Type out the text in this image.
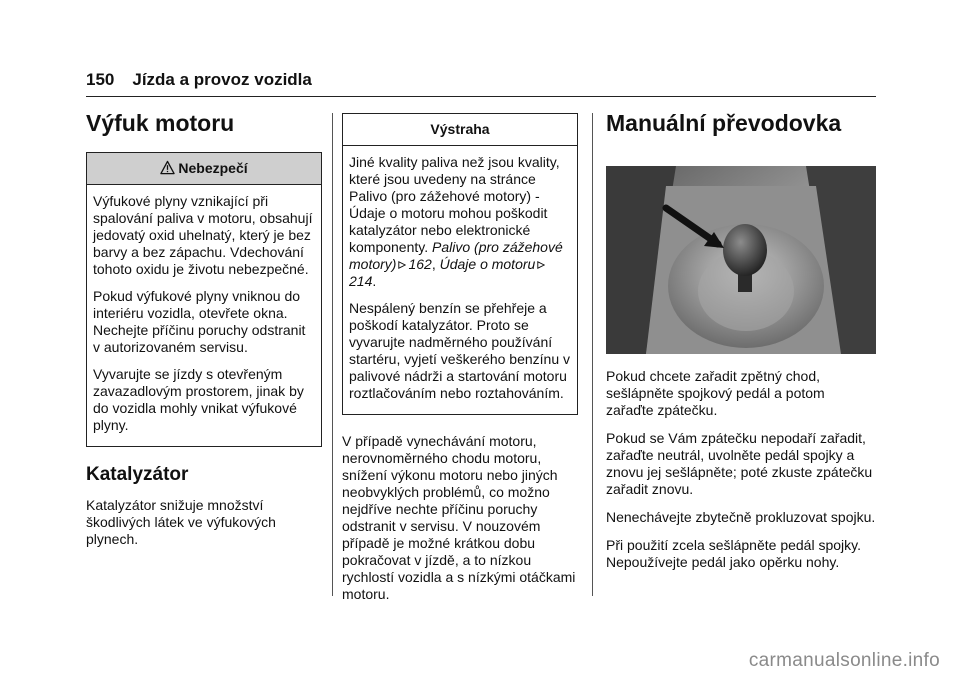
150 Jízda a provoz vozidla
Výfuk motoru
Nebezpečí

Výfukové plyny vznikající při spalování paliva v motoru, obsahují jedovatý oxid uhelnatý, který je bez barvy a bez zápachu. Vdechování tohoto oxidu je životu nebezpečné.

Pokud výfukové plyny vniknou do interiéru vozidla, otevřete okna. Nechejte příčinu poruchy odstranit v autorizovaném servisu.

Vyvarujte se jízdy s otevřeným zavazadlovým prostorem, jinak by do vozidla mohly vnikat výfukové plyny.

Katalyzátor

Katalyzátor snižuje množství škodlivých látek ve výfukových plynech.

Výstraha

Jiné kvality paliva než jsou kvality, které jsou uvedeny na stránce Palivo (pro zážehové motory) - Údaje o motoru mohou poškodit katalyzátor nebo elektronické komponenty. Palivo (pro zážehové motory) 162, Údaje o motoru214.

Nespálený benzín se přehřeje a poškodí katalyzátor. Proto se vyvarujte nadměrného používání startéru, vyjetí veškerého benzínu v palivové nádrži a startování motoru roztlačováním nebo roztahováním.

V případě vynechávání motoru, nerovnoměrného chodu motoru, snížení výkonu motoru nebo jiných neobvyklých problémů, co možno nejdříve nechte příčinu poruchy odstranit v servisu. V nouzovém případě je možné krátkou dobu pokračovat v jízdě, a to nízkou rychlostí vozidla a s nízkými otáčkami motoru.

Manuální převodovka

Pokud chcete zařadit zpětný chod, sešlápněte spojkový pedál a potom zařaďte zpátečku.

Pokud se Vám zpátečku nepodaří zařadit, zařaďte neutrál, uvolněte pedál spojky a znovu jej sešlápněte; poté zkuste zpátečku zařadit znovu.

Nenechávejte zbytečně prokluzovat spojku.

Při použití zcela sešlápněte pedál spojky. Nepoužívejte pedál jako opěrku nohy.

carmanualsonline.info
